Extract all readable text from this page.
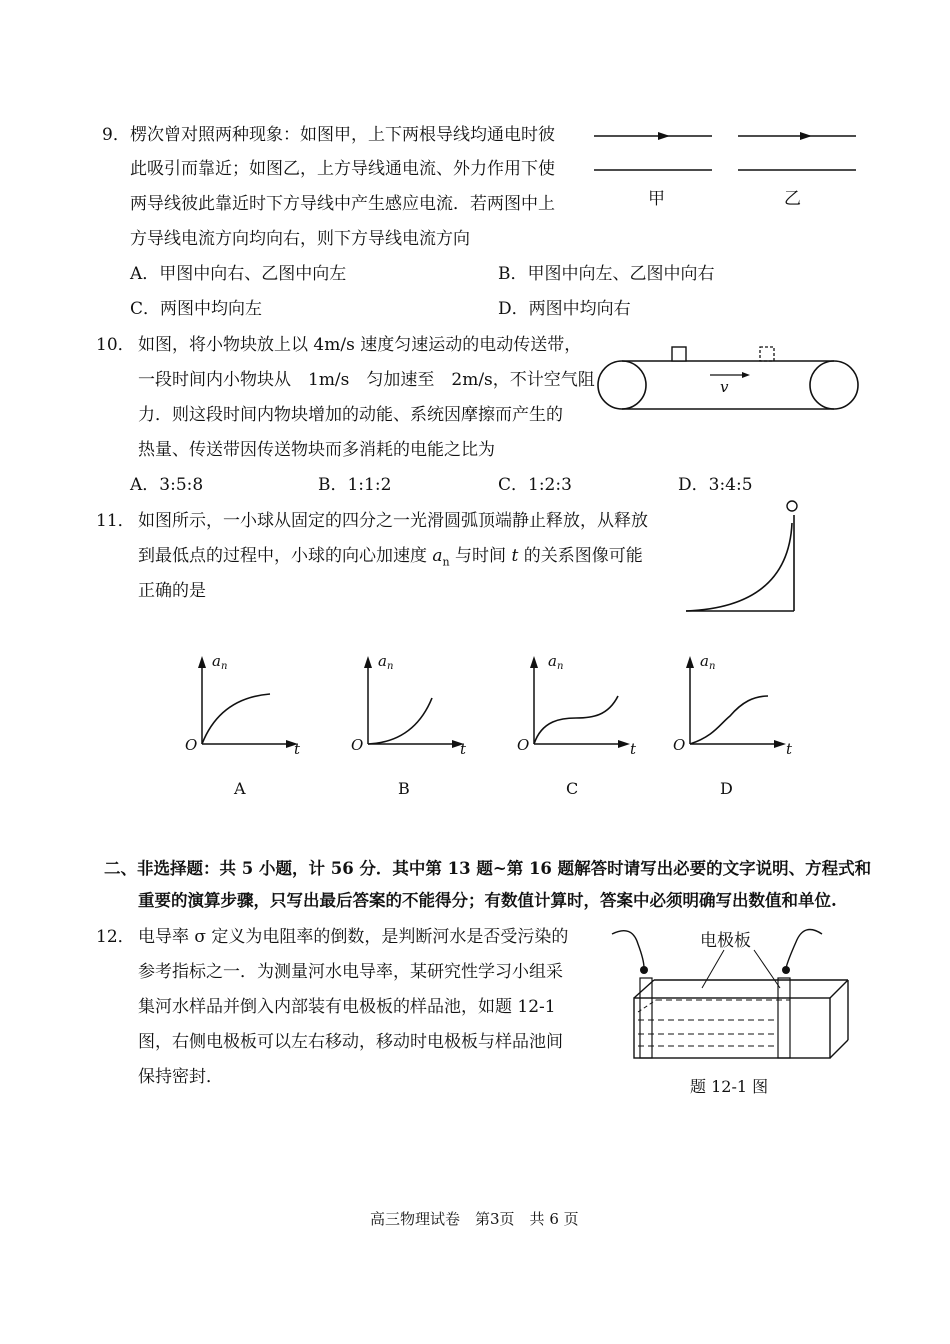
9． 楞次曾对照两种现象：如图甲，上下两根导线均通电时彼
此吸引而靠近；如图乙，上方导线通电流、外力作用下使
两导线彼此靠近时下方导线中产生感应电流．若两图中上
方导线电流方向均向右，则下方导线电流方向
甲	乙
A．甲图中向右、乙图中向左	B．甲图中向左、乙图中向右
C．两图中均向左	D．两图中均向右
10． 如图，将小物块放上以 4m/s 速度匀速运动的电动传送带，
一段时间内小物块从　1m/s　匀加速至　2m/s，不计空气阻
力．则这段时间内物块增加的动能、系统因摩擦而产生的
热量、传送带因传送物块而多消耗的电能之比为
v
A．3:5:8	B．1:1:2	C．1:2:3	D．3:4:5
11． 如图所示，一小球从固定的四分之一光滑圆弧顶端静止释放，从释放
到最低点的过程中，小球的向心加速度 $a_n$ 与时间 t 的关系图像可能
正确的是
$a_n$
O	t
A
$a_n$
O	t
B
$a_n$
O	t
C
$a_n$
O	t
D
二、非选择题：共 5 小题，计 56 分．其中第 13 题~第 16 题解答时请写出必要的文字说明、方程式和
重要的演算步骤，只写出最后答案的不能得分；有数值计算时，答案中必须明确写出数值和单位.
12． 电导率 σ 定义为电阻率的倒数，是判断河水是否受污染的
参考指标之一．为测量河水电导率，某研究性学习小组采
集河水样品并倒入内部装有电极板的样品池，如题 12-1
图，右侧电极板可以左右移动，移动时电极板与样品池间
保持密封．
电极板
题 12-1 图
高三物理试卷　第3页　共 6 页
